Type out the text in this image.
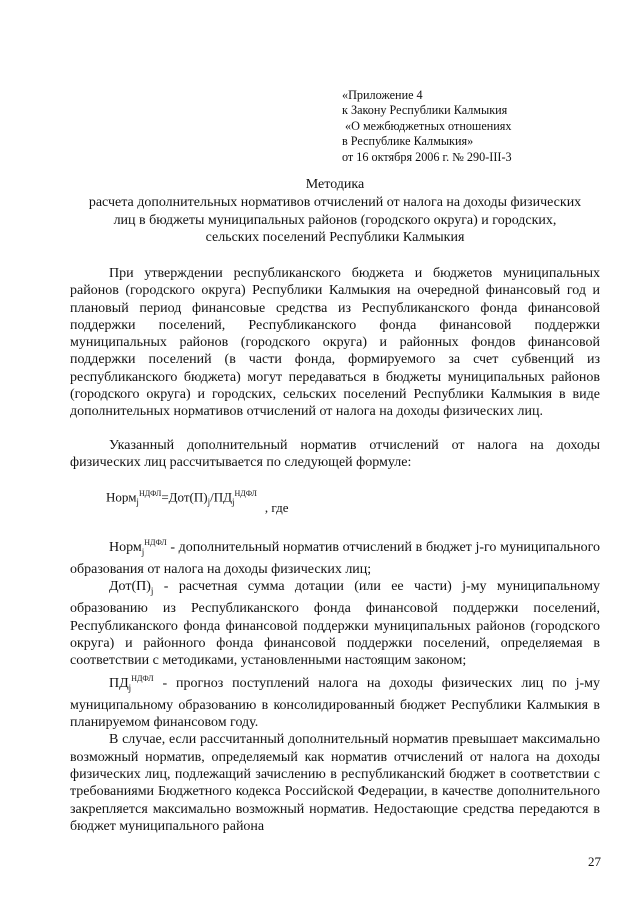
«Приложение 4
к Закону Республики Калмыкия
«О межбюджетных отношениях
в Республике Калмыкия»
от 16 октября 2006 г. № 290-III-3
Методика
расчета дополнительных нормативов отчислений от налога на доходы физических
лиц в бюджеты муниципальных районов (городского округа) и городских,
сельских поселений Республики Калмыкия

При утверждении республиканского бюджета и бюджетов муниципальных районов (городского округа) Республики Калмыкия на очередной финансовый год и плановый период финансовые средства из Республиканского фонда финансовой поддержки поселений, Республиканского фонда финансовой поддержки муниципальных районов (городского округа) и районных фондов финансовой поддержки поселений (в части фонда, формируемого за счет субвенций из республиканского бюджета) могут передаваться в бюджеты муниципальных районов (городского округа) и городских, сельских поселений Республики Калмыкия в виде дополнительных нормативов отчислений от налога на доходы физических лиц.

Указанный дополнительный норматив отчислений от налога на доходы физических лиц рассчитывается по следующей формуле:

$Норм_j^{НДФЛ}=Дот(П)_j/ПД_j^{НДФЛ}$, где

Норм$_j^{НДФЛ}$ - дополнительный норматив отчислений в бюджет j-го муниципального образования от налога на доходы физических лиц;

$Дот(П)_j$ - расчетная сумма дотации (или ее части) j-му муниципальному образованию из Республиканского фонда финансовой поддержки поселений, Республиканского фонда финансовой поддержки муниципальных районов (городского округа) и районного фонда финансовой поддержки поселений, определяемая в соответствии с методиками, установленными настоящим законом;

$ПД_j^{НДФЛ}$ - прогноз поступлений налога на доходы физических лиц по j-му муниципальному образованию в консолидированный бюджет Республики Калмыкия в планируемом финансовом году.

В случае, если рассчитанный дополнительный норматив превышает максимально возможный норматив, определяемый как норматив отчислений от налога на доходы физических лиц, подлежащий зачислению в республиканский бюджет в соответствии с требованиями Бюджетного кодекса Российской Федерации, в качестве дополнительного закрепляется максимально возможный норматив. Недостающие средства передаются в бюджет муниципального района

27
